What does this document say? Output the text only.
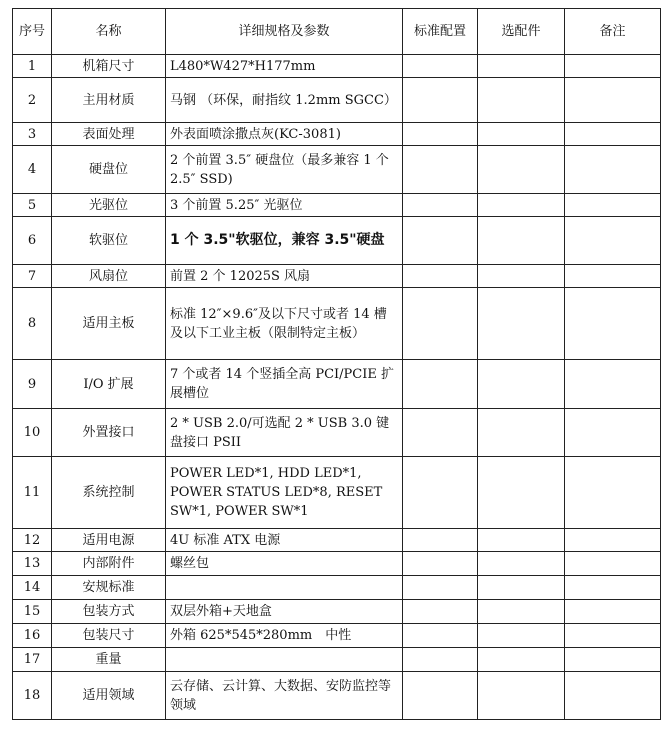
序号	名称	详细规格及参数	标准配置	选配件	备注
1	机箱尺寸	L480*W427*H177mm			
2	主用材质	马钢 （环保，耐指纹 1.2mm SGCC）			
3	表面处理	外表面喷涂撒点灰(KC-3081)			
4	硬盘位	2 个前置 3.5″ 硬盘位（最多兼容 1 个 2.5″ SSD)			
5	光驱位	3 个前置 5.25″ 光驱位			
6	软驱位	1 个 3.5"软驱位，兼容 3.5"硬盘			
7	风扇位	前置 2 个 12025S 风扇			
8	适用主板	标准 12″×9.6″及以下尺寸或者 14 槽及以下工业主板（限制特定主板）			
9	I/O 扩展	7 个或者 14 个竖插全高 PCI/PCIE 扩展槽位			
10	外置接口	2 * USB 2.0/可选配 2 * USB 3.0 键盘接口 PSII			
11	系统控制	POWER LED*1, HDD LED*1, POWER STATUS LED*8, RESET SW*1, POWER SW*1			
12	适用电源	4U 标准 ATX 电源			
13	内部附件	螺丝包			
14	安规标准				
15	包装方式	双层外箱+天地盒			
16	包装尺寸	外箱 625*545*280mm　中性			
17	重量				
18	适用领域	云存储、云计算、大数据、安防监控等领域			
